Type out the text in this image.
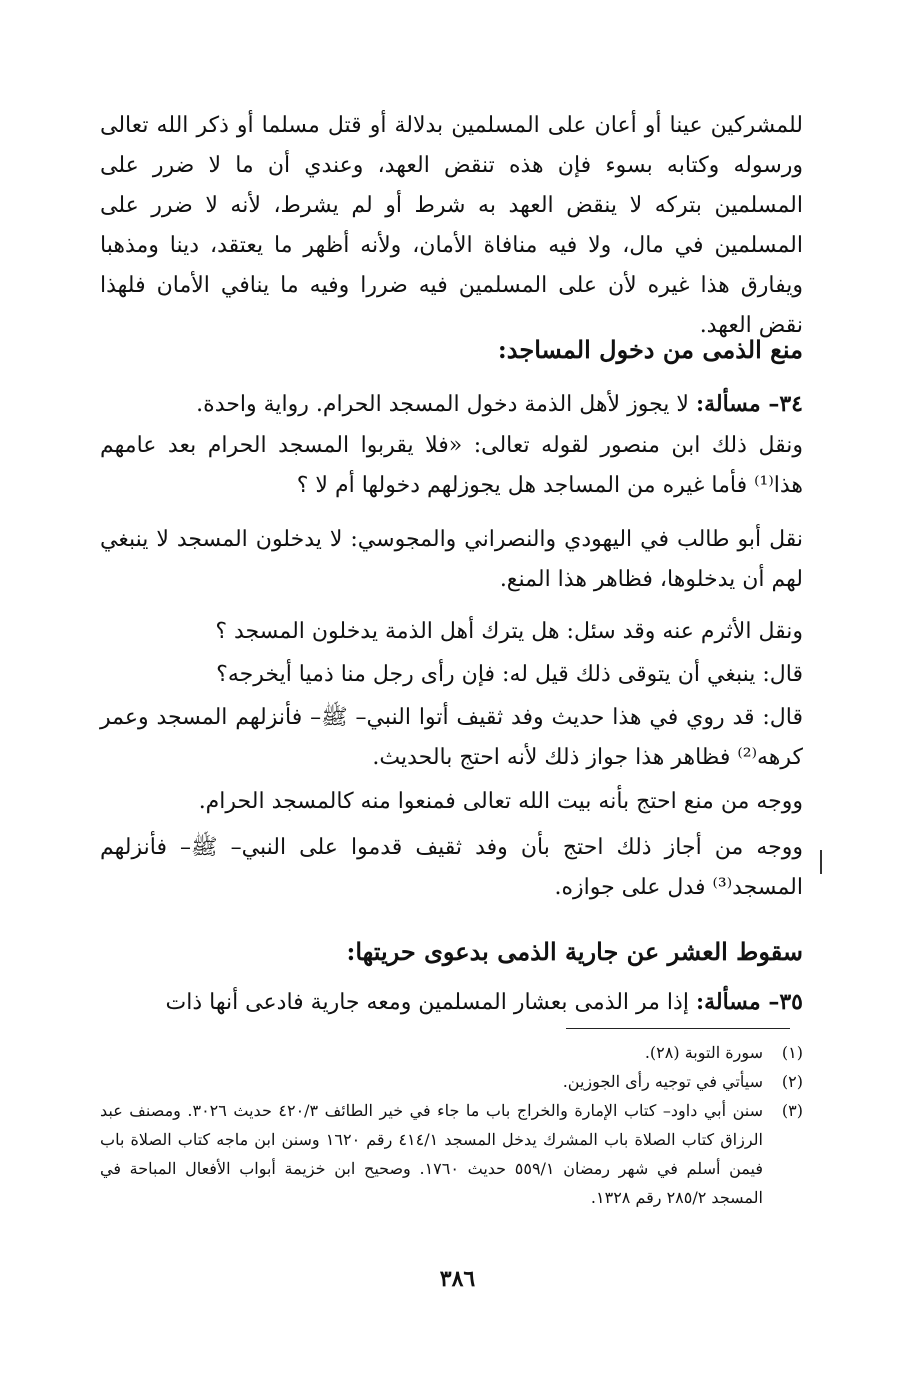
للمشركين عينا أو أعان على المسلمين بدلالة أو قتل مسلما أو ذكر الله تعالى ورسوله وكتابه بسوء فإن هذه تنقض العهد، وعندي أن ما لا ضرر على المسلمين بتركه لا ينقض العهد به شرط أو لم يشرط، لأنه لا ضرر على المسلمين في مال، ولا فيه منافاة الأمان، ولأنه أظهر ما يعتقد، دينا ومذهبا ويفارق هذا غيره لأن على المسلمين فيه ضررا وفيه ما ينافي الأمان فلهذا نقض العهد.
منع الذمى من دخول المساجد:
٣٤– مسألة: لا يجوز لأهل الذمة دخول المسجد الحرام. رواية واحدة.
ونقل ذلك ابن منصور لقوله تعالى: «فلا يقربوا المسجد الحرام بعد عامهم هذا⁽¹⁾ فأما غيره من المساجد هل يجوزلهم دخولها أم لا ؟
نقل أبو طالب في اليهودي والنصراني والمجوسي: لا يدخلون المسجد لا ينبغي لهم أن يدخلوها، فظاهر هذا المنع.
ونقل الأثرم عنه وقد سئل: هل يترك أهل الذمة يدخلون المسجد ؟
قال: ينبغي أن يتوقى ذلك قيل له: فإن رأى رجل منا ذميا أيخرجه؟
قال: قد روي في هذا حديث وفد ثقيف أتوا النبي– ﷺ– فأنزلهم المسجد وعمر كرهه⁽²⁾ فظاهر هذا جواز ذلك لأنه احتج بالحديث.
ووجه من منع احتج بأنه بيت الله تعالى فمنعوا منه كالمسجد الحرام.
ووجه من أجاز ذلك احتج بأن وفد ثقيف قدموا على النبي– ﷺ– فأنزلهم المسجد⁽³⁾ فدل على جوازه.
سقوط العشر عن جارية الذمى بدعوى حريتها:
٣٥– مسألة: إذا مر الذمى بعشار المسلمين ومعه جارية فادعى أنها ذات
(١)
سورة التوبة (٢٨).
(٢)
سيأتي في توجيه رأى الجوزين.
(٣)
سنن أبي داود– كتاب الإمارة والخراج باب ما جاء في خير الطائف ٤٢٠/٣ حديث ٣٠٢٦. ومصنف عبد الرزاق كتاب الصلاة باب المشرك يدخل المسجد ٤١٤/١ رقم ١٦٢٠ وسنن ابن ماجه كتاب الصلاة باب فيمن أسلم في شهر رمضان ٥٥٩/١ حديث ١٧٦٠. وصحيح ابن خزيمة أبواب الأفعال المباحة في المسجد ٢٨٥/٢ رقم ١٣٢٨.
٣٨٦
